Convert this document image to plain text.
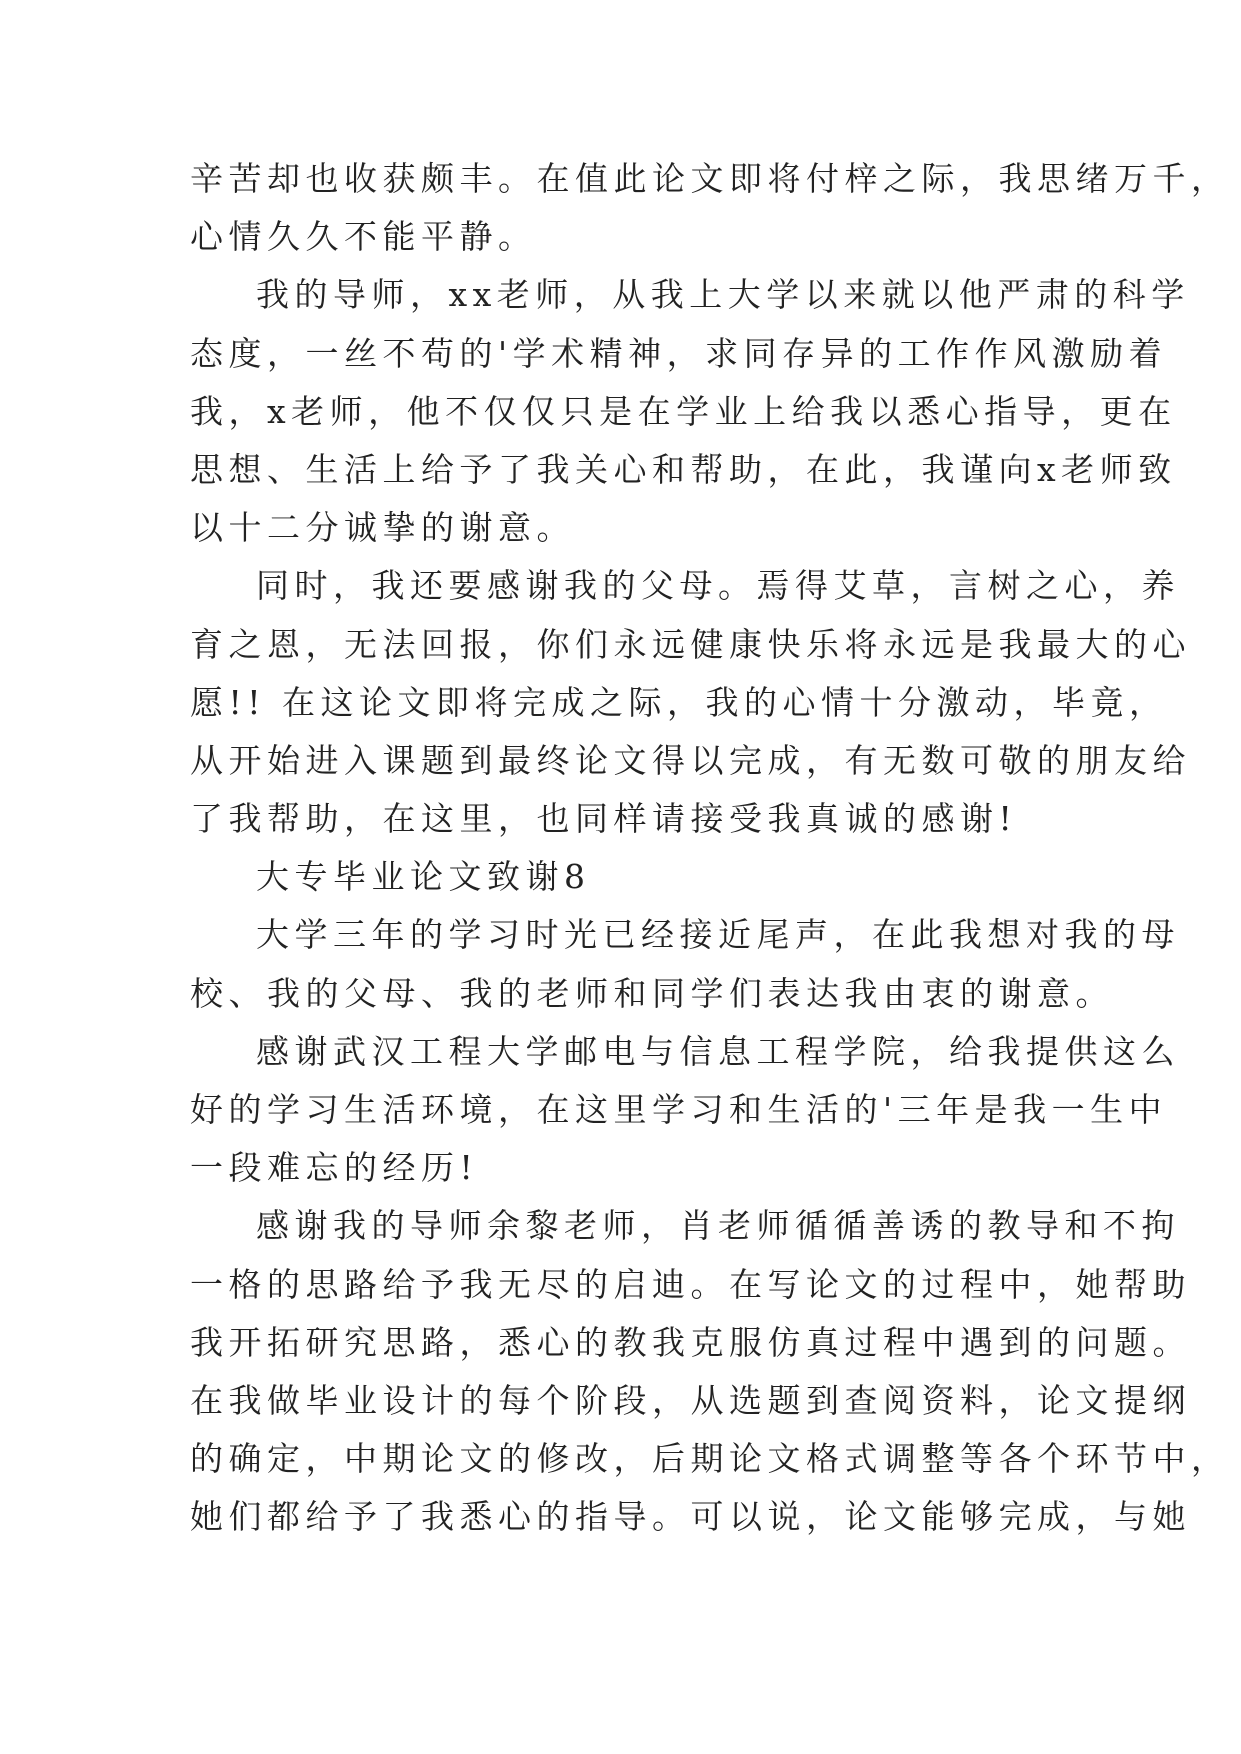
辛苦却也收获颇丰。在值此论文即将付梓之际，我思绪万千，
心情久久不能平静。

我的导师，xx老师，从我上大学以来就以他严肃的科学
态度，一丝不苟的'学术精神，求同存异的工作作风激励着
我，x老师，他不仅仅只是在学业上给我以悉心指导，更在
思想、生活上给予了我关心和帮助，在此，我谨向x老师致
以十二分诚挚的谢意。

同时，我还要感谢我的父母。焉得艾草，言树之心，养
育之恩，无法回报，你们永远健康快乐将永远是我最大的心
愿!! 在这论文即将完成之际，我的心情十分激动，毕竟，
从开始进入课题到最终论文得以完成，有无数可敬的朋友给
了我帮助，在这里，也同样请接受我真诚的感谢!

大专毕业论文致谢8

大学三年的学习时光已经接近尾声，在此我想对我的母
校、我的父母、我的老师和同学们表达我由衷的谢意。

感谢武汉工程大学邮电与信息工程学院，给我提供这么
好的学习生活环境，在这里学习和生活的'三年是我一生中
一段难忘的经历!

感谢我的导师余黎老师，肖老师循循善诱的教导和不拘
一格的思路给予我无尽的启迪。在写论文的过程中，她帮助
我开拓研究思路，悉心的教我克服仿真过程中遇到的问题。
在我做毕业设计的每个阶段，从选题到查阅资料，论文提纲
的确定，中期论文的修改，后期论文格式调整等各个环节中，
她们都给予了我悉心的指导。可以说，论文能够完成，与她
